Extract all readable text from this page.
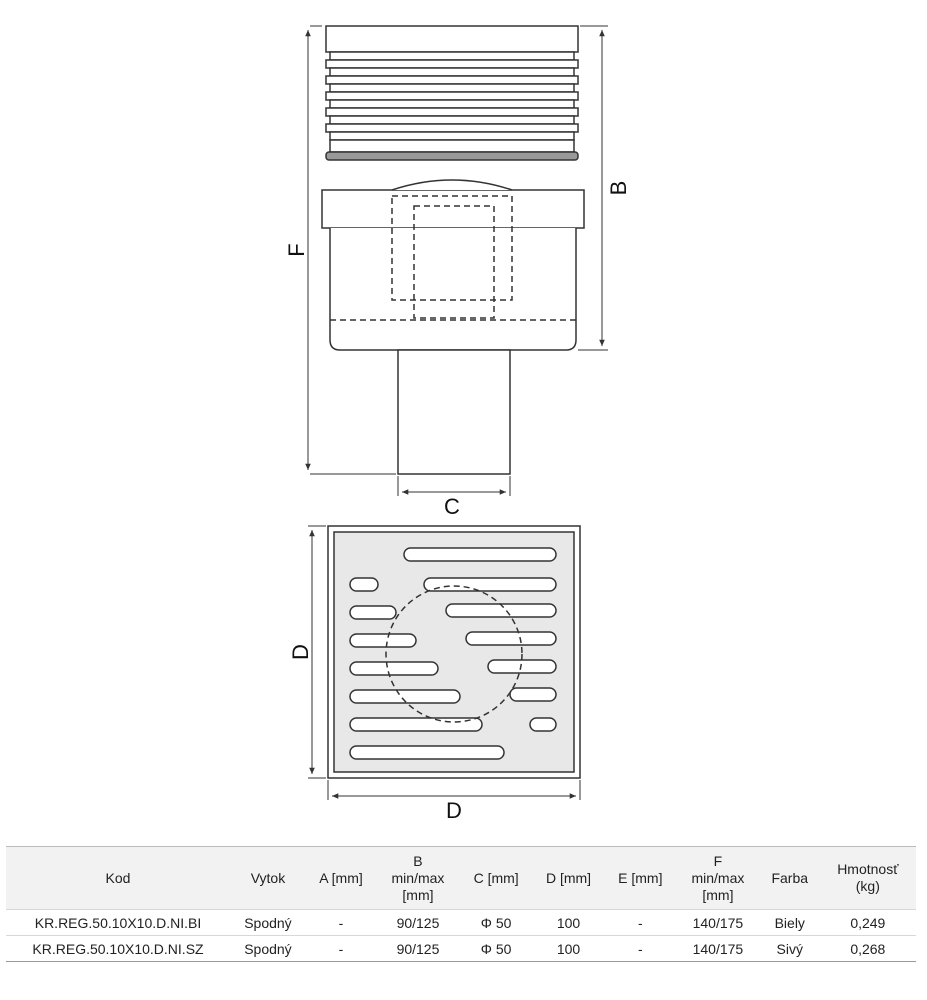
F
B
C
D
D
Kod	Vytok	A [mm]	B
min/max
[mm]	C [mm]	D [mm]	E [mm]	F
min/max
[mm]	Farba	Hmotnosť
(kg)
KR.REG.50.10X10.D.NI.BI	Spodný	-	90/125	Φ 50	100	-	140/175	Biely	0,249
KR.REG.50.10X10.D.NI.SZ	Spodný	-	90/125	Φ 50	100	-	140/175	Sivý	0,268
